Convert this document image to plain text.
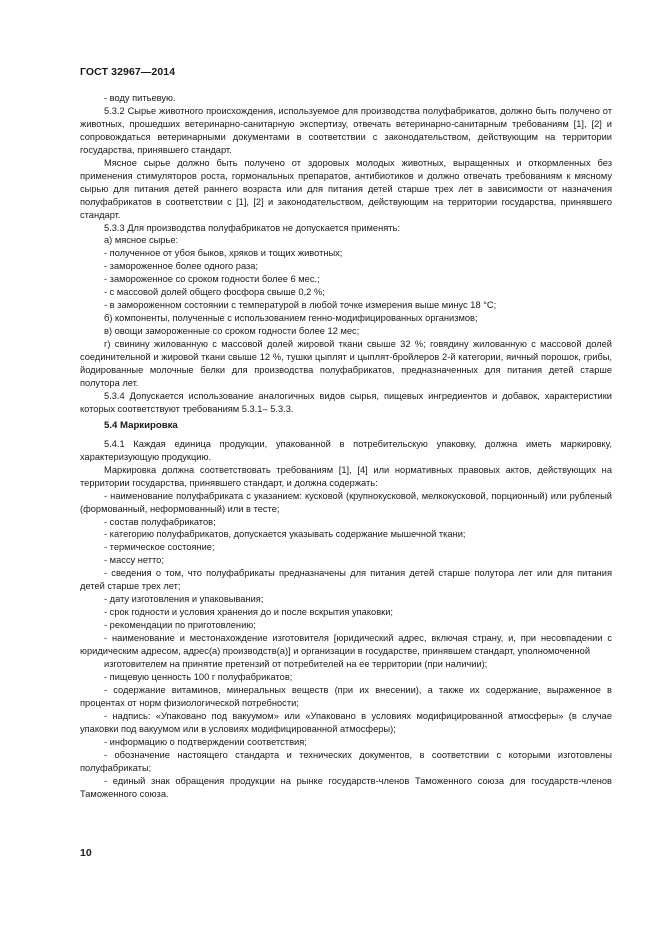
ГОСТ 32967—2014

- воду питьевую.

5.3.2 Сырье животного происхождения, используемое для производства полуфабрикатов, должно быть получено от животных, прошедших ветеринарно-санитарную экспертизу, отвечать ветеринарно-санитарным требованиям [1], [2] и сопровождаться ветеринарными документами в соответствии с законодательством, действующим на территории государства, принявшего стандарт.

Мясное сырье должно быть получено от здоровых молодых животных, выращенных и откормленных без применения стимуляторов роста, гормональных препаратов, антибиотиков и должно отвечать требованиям к мясному сырью для питания детей раннего возраста или для питания детей старше трех лет в зависимости от назначения полуфабрикатов в соответствии с [1], [2] и законодательством, действующим на территории государства, принявшего стандарт.

5.3.3 Для производства полуфабрикатов не допускается применять:

а) мясное сырье:

- полученное от убоя быков, хряков и тощих животных;

- замороженное более одного раза;

- замороженное со сроком годности более 6 мес.;

- с массовой долей общего фосфора свыше 0,2 %;

- в замороженном состоянии с температурой в любой точке измерения выше минус 18 °С;

б) компоненты, полученные с использованием генно-модифицированных организмов;

в) овощи замороженные со сроком годности более 12 мес;

г) свинину жилованную с массовой долей жировой ткани свыше 32 %; говядину жилованную с массовой долей соединительной и жировой ткани свыше 12 %, тушки цыплят и цыплят-бройлеров 2-й категории, яичный порошок, грибы, йодированные молочные белки для производства полуфабрикатов, предназначенных для питания детей старше полутора лет.

5.3.4 Допускается использование аналогичных видов сырья, пищевых ингредиентов и добавок, характеристики которых соответствуют требованиям 5.3.1– 5.3.3.

5.4 Маркировка

5.4.1 Каждая единица продукции, упакованной в потребительскую упаковку, должна иметь маркировку, характеризующую продукцию.

Маркировка должна соответствовать требованиям [1], [4] или нормативных правовых актов, действующих на территории государства, принявшего стандарт, и должна содержать:

- наименование полуфабриката с указанием: кусковой (крупнокусковой, мелкокусковой, порционный) или рубленый (формованный, неформованный) или в тесте;

- состав полуфабрикатов;

- категорию полуфабрикатов, допускается указывать содержание мышечной ткани;

- термическое состояние;

- массу нетто;

- сведения о том, что полуфабрикаты предназначены для питания детей старше полутора лет или для питания детей старше трех лет;

- дату изготовления и упаковывания;

- срок годности и условия хранения до и после вскрытия упаковки;

- рекомендации по приготовлению;

- наименование и местонахождение изготовителя [юридический адрес, включая страну, и, при несовпадении с юридическим адресом, адрес(а) производств(а)] и организации в государстве, принявшем стандарт, уполномоченной

изготовителем на принятие претензий от потребителей на ее территории (при наличии);

- пищевую ценность 100 г полуфабрикатов;

- содержание витаминов, минеральных веществ (при их внесении), а также их содержание, выраженное в процентах от норм физиологической потребности;

- надпись: «Упаковано под вакуумом» или «Упаковано в условиях модифицированной атмосферы» (в случае упаковки под вакуумом или в условиях модифицированной атмосферы);

- информацию о подтверждении соответствия;

- обозначение настоящего стандарта и технических документов, в соответствии с которыми изготовлены полуфабрикаты;

- единый знак обращения продукции на рынке государств-членов Таможенного союза для государств-членов Таможенного союза.

10
